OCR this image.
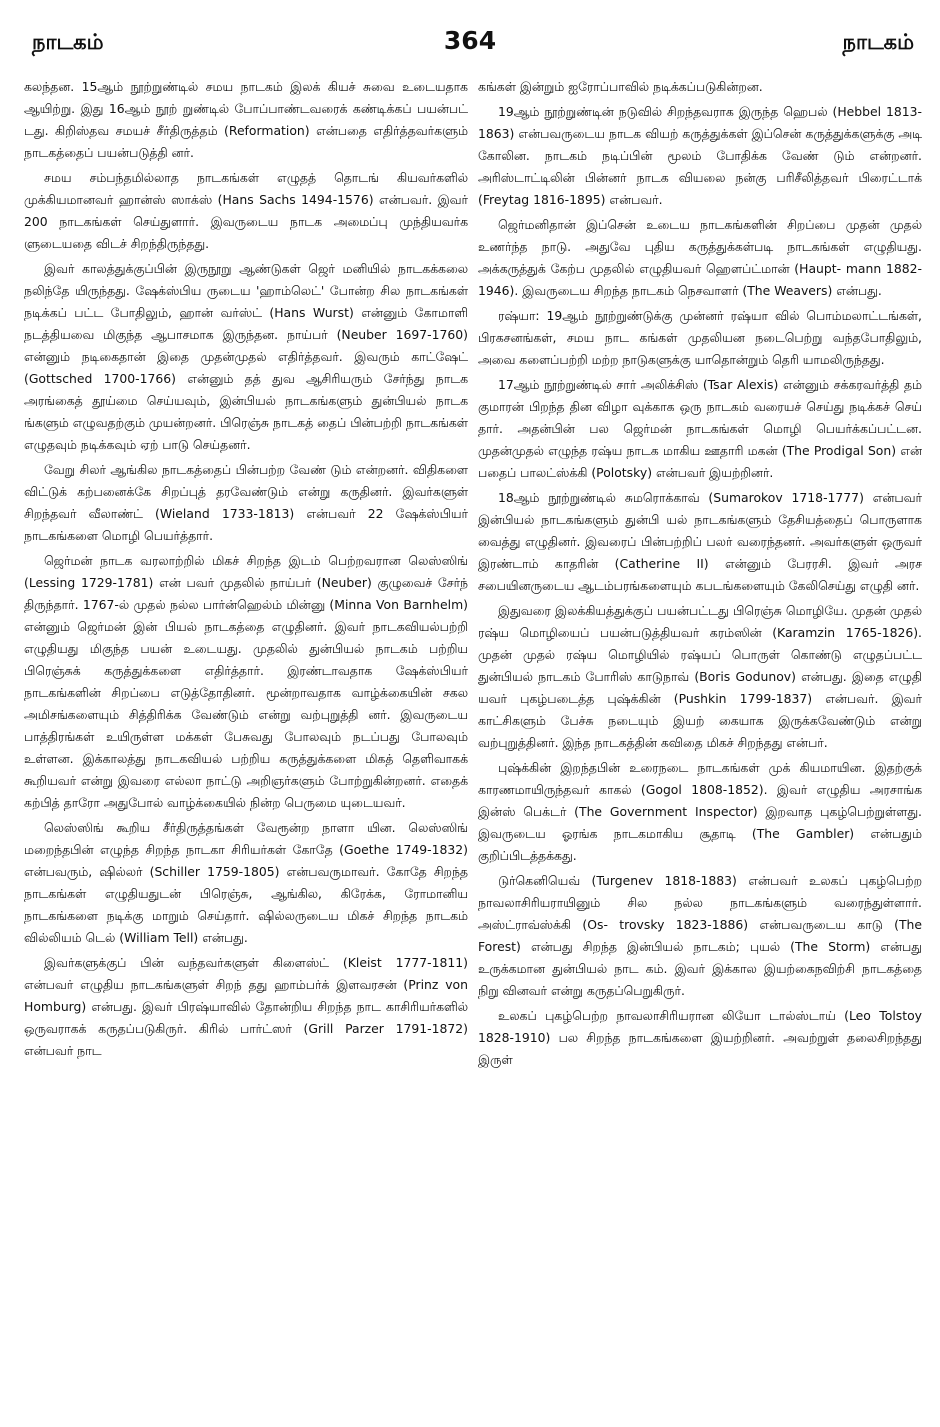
நாடகம்	364	நாடகம்

கலந்தன. 15ஆம் நூற்றுண்டில் சமய நாடகம் இலக் கியச் சுவை உடையதாக ஆயிற்று. இது 16ஆம் நூற் றுண்டில் போப்பாண்டவரைக் கண்டிக்கப் பயன்பட் டது. கிறிஸ்தவ சமயச் சீர்திருத்தம் (Reformation) என்பதை எதிர்த்தவர்களும் நாடகத்தைப் பயன்படுத்தி னர்.

சமய சம்பந்தமில்லாத நாடகங்கள் எழுதத் தொடங் கியவர்களில் முக்கியமானவர் ஹான்ஸ் ஸாக்ஸ் (Hans Sachs 1494-1576) என்பவர். இவர் 200 நாடகங்கள் செய்துளார். இவருடைய நாடக அமைப்பு முந்தியவர்க ளுடையதை விடச் சிறந்திருந்தது.

இவர் காலத்துக்குப்பின் இருநூறு ஆண்டுகள் ஜெர் மனியில் நாடகக்கலை நலிந்தே யிருந்தது. ஷேக்ஸ்பிய ருடைய 'ஹாம்லெட்' போன்ற சில நாடகங்கள் நடிக்கப் பட்ட போதிலும், ஹான் வர்ஸ்ட் (Hans Wurst) என்னும் கோமாளி நடத்தியவை மிகுந்த ஆபாசமாக இருந்தன. நாய்பர் (Neuber 1697-1760) என்னும் நடிகைதான் இதை முதன்முதல் எதிர்த்தவர். இவரும் காட்ஷேட் (Gottsched 1700-1766) என்னும் தத் துவ ஆசிரியரும் சேர்ந்து நாடக அரங்கைத் தூய்மை செய்யவும், இன்பியல் நாடகங்களும் துன்பியல் நாடக ங்களும் எழுவதற்கும் முயன்றனர். பிரெஞ்சு நாடகத் தைப் பின்பற்றி நாடகங்கள் எழுதவும் நடிக்கவும் ஏற் பாடு செய்தனர்.

வேறு சிலர் ஆங்கில நாடகத்தைப் பின்பற்ற வேண் டும் என்றனர். விதிகளை விட்டுக் கற்பனைக்கே சிறப்புத் தரவேண்டும் என்று கருதினர். இவர்களுள் சிறந்தவர் வீலாண்ட் (Wieland 1733-1813) என்பவர் 22 ஷேக்ஸ்பியர் நாடகங்களை மொழி பெயர்த்தார்.

ஜெர்மன் நாடக வரலாற்றில் மிகச் சிறந்த இடம் பெற்றவரான லெஸ்ஸிங் (Lessing 1729-1781) என் பவர் முதலில் நாய்பர் (Neuber) குழுவைச் சேர்ந் திருந்தார். 1767-ல் முதல் நல்ல பார்ன்ஹெல்ம் மின்னு (Minna Von Barnhelm) என்னும் ஜெர்மன் இன் பியல் நாடகத்தை எழுதினர். இவர் நாடகவியல்பற்றி எழுதியது மிகுந்த பயன் உடையது. முதலில் துன்பியல் நாடகம் பற்றிய பிரெஞ்சுக் கருத்துக்களை எதிர்த்தார். இரண்டாவதாக ஷேக்ஸ்பியர் நாடகங்களின் சிறப்பை எடுத்தோதினர். மூன்றாவதாக வாழ்க்கையின் சகல அமிசங்களையும் சித்திரிக்க வேண்டும் என்று வற்புறுத்தி னர். இவருடைய பாத்திரங்கள் உயிருள்ள மக்கள் பேசுவது போலவும் நடப்பது போலவும் உள்ளன. இக்காலத்து நாடகவியல் பற்றிய கருத்துக்களை மிகத் தெளிவாகக் கூறியவர் என்று இவரை எல்லா நாட்டு அறிஞர்களும் போற்றுகின்றனர். எதைக் கற்பித் தாரோ அதுபோல் வாழ்க்கையில் நின்ற பெருமை யுடையவர்.

லெஸ்ஸிங் கூறிய சீர்திருத்தங்கள் வேரூன்ற நாளா யின. லெஸ்ஸிங் மறைந்தபின் எழுந்த சிறந்த நாடகா சிரியர்கள் கோதே (Goethe 1749-1832) என்பவரும், ஷில்லர் (Schiller 1759-1805) என்பவருமாவர். கோதே சிறந்த நாடகங்கள் எழுதியதுடன் பிரெஞ்சு, ஆங்கில, கிரேக்க, ரோமானிய நாடகங்களை நடிக்கு மாறும் செய்தார். ஷில்லருடைய மிகச் சிறந்த நாடகம் வில்லியம் டெல் (William Tell) என்பது.

இவர்களுக்குப் பின் வந்தவர்களுள் கிளைஸ்ட் (Kleist 1777-1811) என்பவர் எழுதிய நாடகங்களுள் சிறந் தது ஹாம்பர்க் இளவரசன் (Prinz von Homburg) என்பது. இவர் பிரஷ்யாவில் தோன்றிய சிறந்த நாட காசிரியர்களில் ஒருவராகக் கருதப்படுகிருர். கிரில் பார்ட்ஸர் (Grill Parzer 1791-1872) என்பவர் நாட

கங்கள் இன்றும் ஐரோப்பாவில் நடிக்கப்படுகின்றன.

19ஆம் நூற்றுண்டின் நடுவில் சிறந்தவராக இருந்த ஹெபல் (Hebbel 1813-1863) என்பவருடைய நாடக வியற் கருத்துக்கள் இப்சென் கருத்துக்களுக்கு அடி கோலின. நாடகம் நடிப்பின் மூலம் போதிக்க வேண் டும் என்றனர். அரிஸ்டாட்டிலின் பின்னர் நாடக வியலை நன்கு பரிசீலித்தவர் பிரைட்டாக் (Freytag 1816-1895) என்பவர்.

ஜெர்மனிதான் இப்சென் உடைய நாடகங்களின் சிறப்பை முதன் முதல் உணர்ந்த நாடு. அதுவே புதிய கருத்துக்கள்படி நாடகங்கள் எழுதியது. அக்கருத்துக் கேற்ப முதலில் எழுதியவர் ஹௌப்ட்மான் (Haupt- mann 1882-1946). இவருடைய சிறந்த நாடகம் நெசவாளர் (The Weavers) என்பது.

ரஷ்யா: 19ஆம் நூற்றுண்டுக்கு முன்னர் ரஷ்யா வில் பொம்மலாட்டங்கள், பிரகசனங்கள், சமய நாட கங்கள் முதலியன நடைபெற்று வந்தபோதிலும், அவை களைப்பற்றி மற்ற நாடுகளுக்கு யாதொன்றும் தெரி யாமலிருந்தது.

17ஆம் நூற்றுண்டில் சார் அலிக்சிஸ் (Tsar Alexis) என்னும் சக்கரவர்த்தி தம் குமாரன் பிறந்த தின விழா வுக்காக ஒரு நாடகம் வரையச் செய்து நடிக்கச் செய் தார். அதன்பின் பல ஜெர்மன் நாடகங்கள் மொழி பெயர்க்கப்பட்டன. முதன்முதல் எழுந்த ரஷ்ய நாடக மாகிய ஊதாரி மகன் (The Prodigal Son) என் பதைப் பாலட்ஸ்க்கி (Polotsky) என்பவர் இயற்றினர்.

18ஆம் நூற்றுண்டில் சுமரொக்காவ் (Sumarokov 1718-1777) என்பவர் இன்பியல் நாடகங்களும் துன்பி யல் நாடகங்களும் தேசியத்தைப் பொருளாக வைத்து எழுதினர். இவரைப் பின்பற்றிப் பலர் வரைந்தனர். அவர்களுள் ஒருவர் இரண்டாம் காதரின் (Catherine II) என்னும் பேரரசி. இவர் அரச சபையினருடைய ஆடம்பரங்களையும் கபடங்களையும் கேலிசெய்து எழுதி னர்.

இதுவரை இலக்கியத்துக்குப் பயன்பட்டது பிரெஞ்சு மொழியே. முதன் முதல் ரஷ்ய மொழியைப் பயன்படுத்தியவர் கரம்ஸின் (Karamzin 1765-1826). முதன் முதல் ரஷ்ய மொழியில் ரஷ்யப் பொருள் கொண்டு எழுதப்பட்ட துன்பியல் நாடகம் போரிஸ் காடுநாவ் (Boris Godunov) என்பது. இதை எழுதி யவர் புகழ்படைத்த புஷ்க்கின் (Pushkin 1799-1837) என்பவர். இவர் காட்சிகளும் பேச்சு நடையும் இயற் கையாக இருக்கவேண்டும் என்று வற்புறுத்தினர். இந்த நாடகத்தின் கவிதை மிகச் சிறந்தது என்பர்.

புஷ்க்கின் இறந்தபின் உரைநடை நாடகங்கள் முக் கியமாயின. இதற்குக் காரணமாயிருந்தவர் காகல் (Gogol 1808-1852). இவர் எழுதிய அரசாங்க இன்ஸ் பெக்டர் (The Government Inspector) இறவாத புகழ்பெற்றுள்ளது. இவருடைய ஓரங்க நாடகமாகிய சூதாடி (The Gambler) என்பதும் குறிப்பிடத்தக்கது.

டுர்கெனியெவ் (Turgenev 1818-1883) என்பவர் உலகப் புகழ்பெற்ற நாவலாசிரியராயினும் சில நல்ல நாடகங்களும் வரைந்துள்ளார். அஸ்ட்ராவ்ஸ்க்கி (Os- trovsky 1823-1886) என்பவருடைய காடு (The Forest) என்பது சிறந்த இன்பியல் நாடகம்; புயல் (The Storm) என்பது உருக்கமான துன்பியல் நாட கம். இவர் இக்கால இயற்கைநவிற்சி நாடகத்தை நிறு வினவர் என்று கருதப்பெறுகிருர்.

உலகப் புகழ்பெற்ற நாவலாசிரியரான லியோ டால்ஸ்டாய் (Leo Tolstoy 1828-1910) பல சிறந்த நாடகங்களை இயற்றினர். அவற்றுள் தலைசிறந்தது இருள்
